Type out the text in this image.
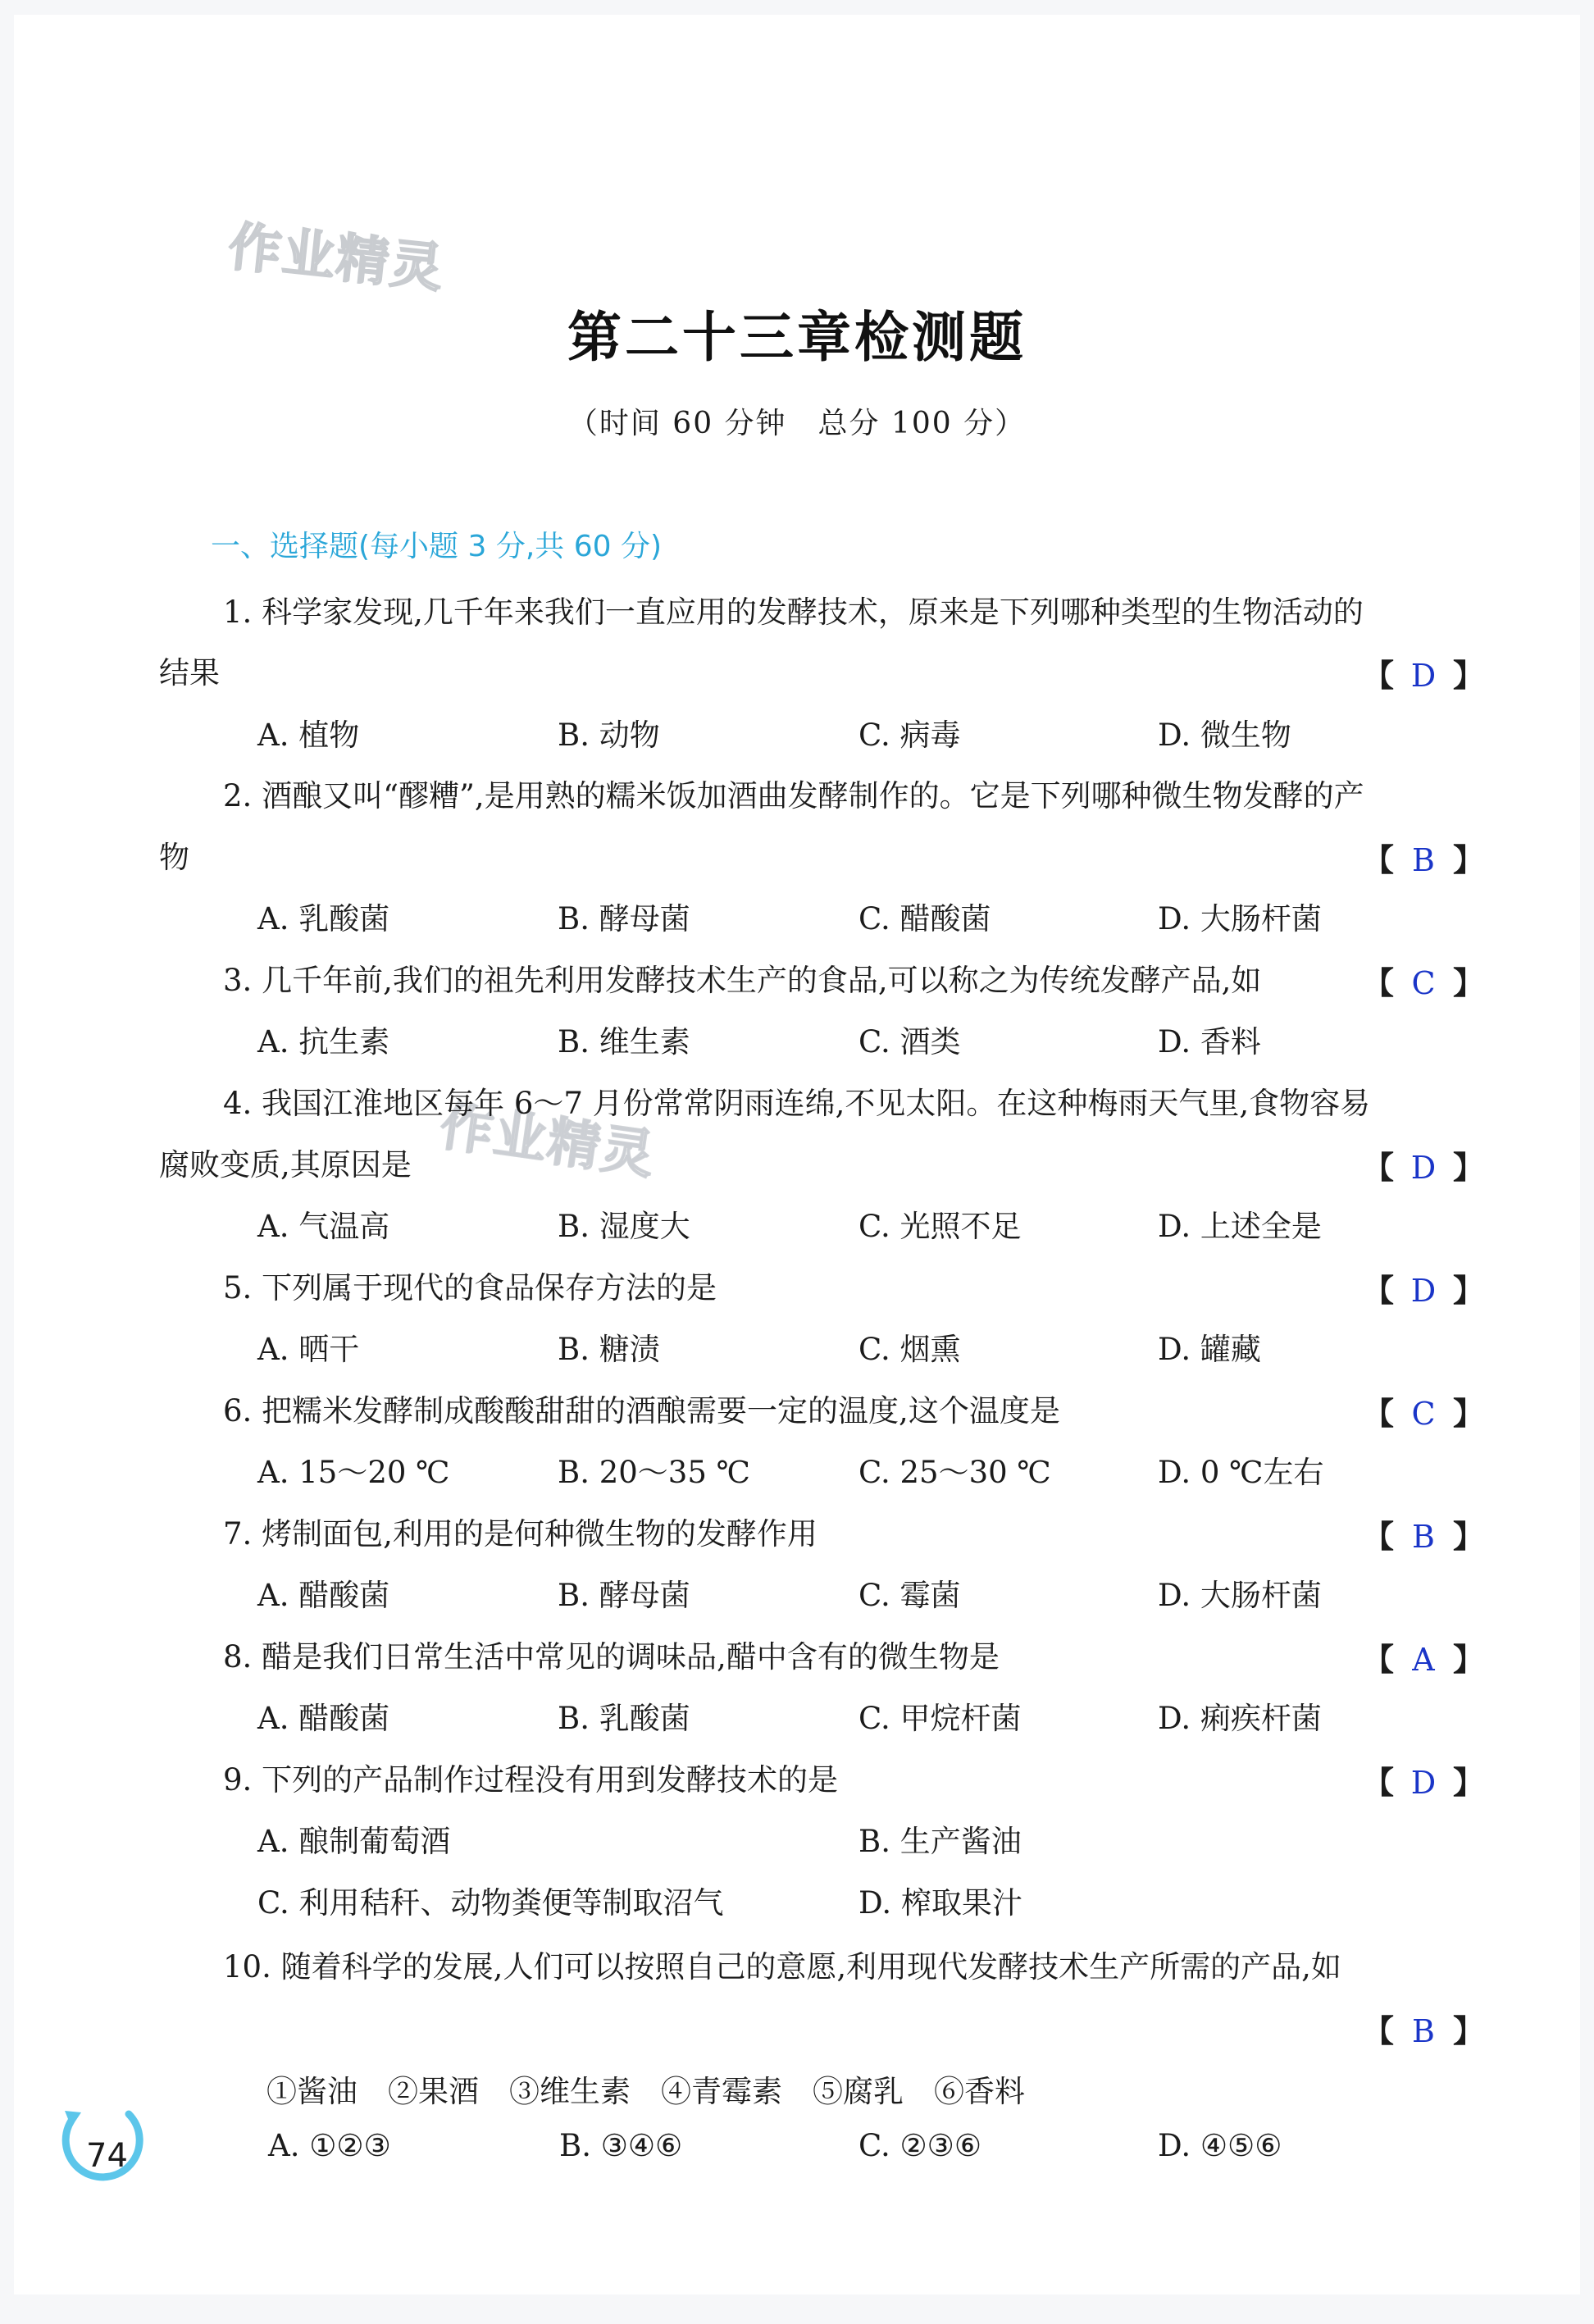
作业精灵
作业精灵
第二十三章检测题
（时间 60 分钟　总分 100 分）
一、选择题(每小题 3 分,共 60 分)
1. 科学家发现,几千年来我们一直应用的发酵技术，原来是下列哪种类型的生物活动的
结果	【 D 】
A. 植物	B. 动物	C. 病毒	D. 微生物
2. 酒酿又叫“醪糟”,是用熟的糯米饭加酒曲发酵制作的。它是下列哪种微生物发酵的产
物	【 B 】
A. 乳酸菌	B. 酵母菌	C. 醋酸菌	D. 大肠杆菌
3. 几千年前,我们的祖先利用发酵技术生产的食品,可以称之为传统发酵产品,如	【 C 】
A. 抗生素	B. 维生素	C. 酒类	D. 香料
4. 我国江淮地区每年 6～7 月份常常阴雨连绵,不见太阳。在这种梅雨天气里,食物容易
腐败变质,其原因是	【 D 】
A. 气温高	B. 湿度大	C. 光照不足	D. 上述全是
5. 下列属于现代的食品保存方法的是	【 D 】
A. 晒干	B. 糖渍	C. 烟熏	D. 罐藏
6. 把糯米发酵制成酸酸甜甜的酒酿需要一定的温度,这个温度是	【 C 】
A. 15～20 ℃	B. 20～35 ℃	C. 25～30 ℃	D. 0 ℃左右
7. 烤制面包,利用的是何种微生物的发酵作用	【 B 】
A. 醋酸菌	B. 酵母菌	C. 霉菌	D. 大肠杆菌
8. 醋是我们日常生活中常见的调味品,醋中含有的微生物是	【 A 】
A. 醋酸菌	B. 乳酸菌	C. 甲烷杆菌	D. 痢疾杆菌
9. 下列的产品制作过程没有用到发酵技术的是	【 D 】
A. 酿制葡萄酒	B. 生产酱油
C. 利用秸秆、动物粪便等制取沼气	D. 榨取果汁
10. 随着科学的发展,人们可以按照自己的意愿,利用现代发酵技术生产所需的产品,如
【 B 】
①酱油　②果酒　③维生素　④青霉素　⑤腐乳　⑥香料
A. ①②③	B. ③④⑥	C. ②③⑥	D. ④⑤⑥
74
